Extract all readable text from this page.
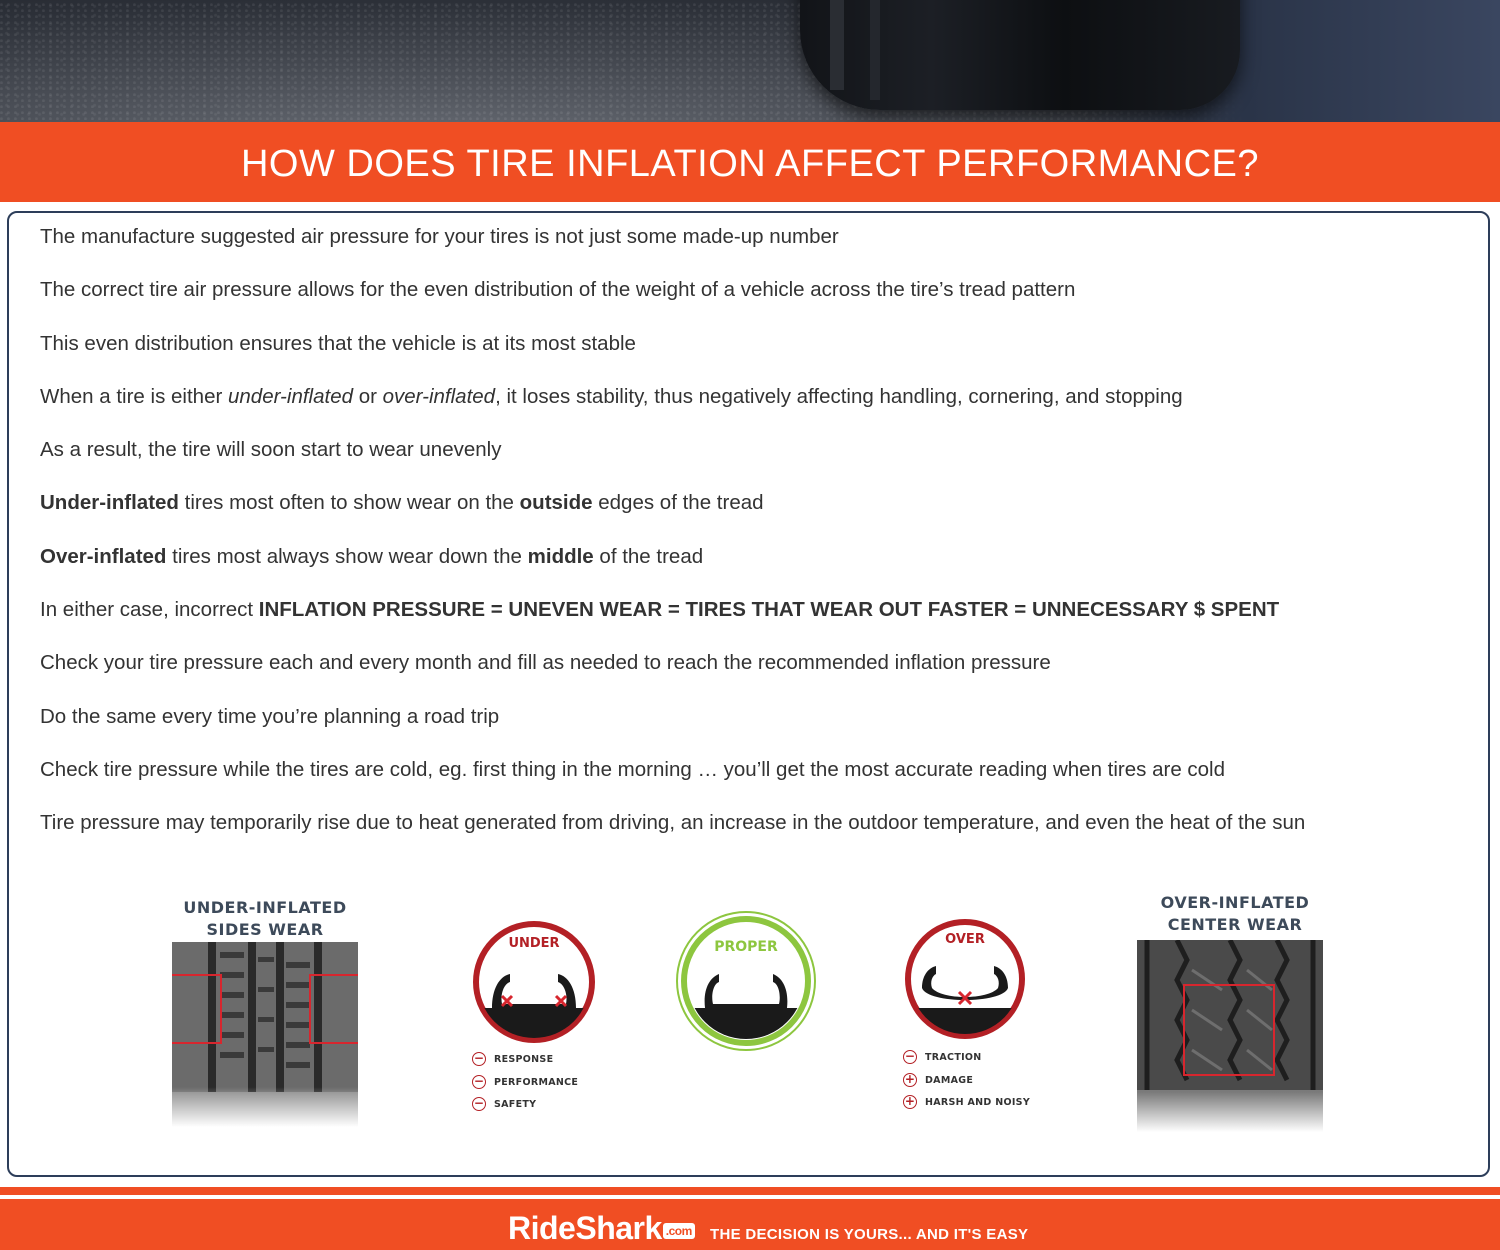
HOW DOES TIRE INFLATION AFFECT PERFORMANCE?
The manufacture suggested air pressure for your tires is not just some made-up number
The correct tire air pressure allows for the even distribution of the weight of a vehicle across the tire’s tread pattern
This even distribution ensures that the vehicle is at its most stable
When a tire is either under-inflated or over-inflated, it loses stability, thus negatively affecting handling, cornering, and stopping
As a result, the tire will soon start to wear unevenly
Under-inflated tires most often to show wear on the outside edges of the tread
Over-inflated tires most always show wear down the middle of the tread
In either case, incorrect INFLATION PRESSURE = UNEVEN WEAR = TIRES THAT WEAR OUT FASTER = UNNECESSARY $ SPENT
Check your tire pressure each and every month and fill as needed to reach the recommended inflation pressure
Do the same every time you’re planning a road trip
Check tire pressure while the tires are cold, eg. first thing in the morning … you’ll get the most accurate reading when tires are cold
Tire pressure may temporarily rise due to heat generated from driving, an increase in the outdoor temperature, and even the heat of the sun
UNDER-INFLATED
SIDES WEAR
UNDER
− RESPONSE
− PERFORMANCE
− SAFETY
PROPER	OVER
− TRACTION
+ DAMAGE
+ HARSH AND NOISY
OVER-INFLATED
CENTER WEAR
RideShark .com THE DECISION IS YOURS... AND IT'S EASY
